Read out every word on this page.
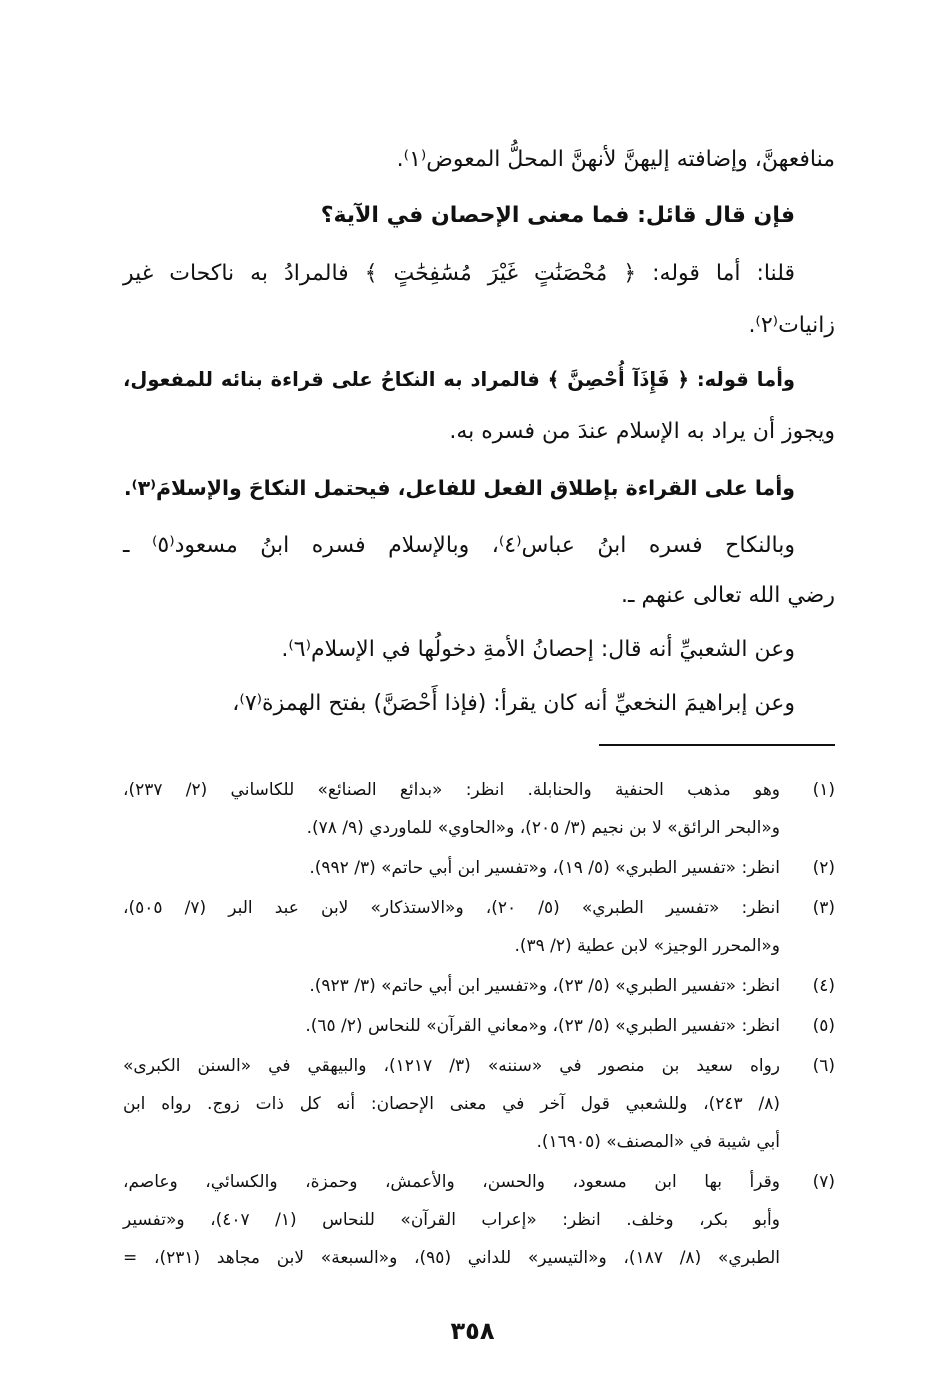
منافعهنَّ، وإضافته إليهنَّ لأنهنَّ المحلُّ المعوض⁽١⁾.
فإن قال قائل: فما معنى الإحصان في الآية؟
قلنا: أما قوله: ﴿ مُحْصَنَٰتٍ غَيْرَ مُسَٰفِحَٰتٍ ﴾ فالمرادُ به ناكحات غير
زانيات⁽٢⁾.
وأما قوله: ﴿ فَإِذَآ أُحْصِنَّ ﴾ فالمراد به النكاحُ على قراءة بنائه للمفعول،
ويجوز أن يراد به الإسلام عندَ من فسره به.
وأما على القراءة بإطلاق الفعل للفاعل، فيحتمل النكاحَ والإسلامَ⁽٣⁾.
وبالنكاح فسره ابنُ عباس⁽٤⁾، وبالإسلام فسره ابنُ مسعود⁽٥⁾ ـ
رضي الله تعالى عنهم ـ.
وعن الشعبيِّ أنه قال: إحصانُ الأمةِ دخولُها في الإسلام⁽٦⁾.
وعن إبراهيمَ النخعيِّ أنه كان يقرأ: (فإذا أَحْصَنَّ) بفتح الهمزة⁽٧⁾،
(١)
وهو مذهب الحنفية والحنابلة. انظر: «بدائع الصنائع» للكاساني (٢/ ٢٣٧)،
و«البحر الرائق» لا بن نجيم (٣/ ٢٠٥)، و«الحاوي» للماوردي (٩/ ٧٨).
(٢)
انظر: «تفسير الطبري» (٥/ ١٩)، و«تفسير ابن أبي حاتم» (٣/ ٩٩٢).
(٣)
انظر: «تفسير الطبري» (٥/ ٢٠)، و«الاستذكار» لابن عبد البر (٧/ ٥٠٥)،
و«المحرر الوجيز» لابن عطية (٢/ ٣٩).
(٤)
انظر: «تفسير الطبري» (٥/ ٢٣)، و«تفسير ابن أبي حاتم» (٣/ ٩٢٣).
(٥)
انظر: «تفسير الطبري» (٥/ ٢٣)، و«معاني القرآن» للنحاس (٢/ ٦٥).
(٦)
رواه سعيد بن منصور في «سننه» (٣/ ١٢١٧)، والبيهقي في «السنن الكبرى»
(٨/ ٢٤٣)، وللشعبي قول آخر في معنى الإحصان: أنه كل ذات زوج. رواه ابن
أبي شيبة في «المصنف» (١٦٩٠٥).
(٧)
وقرأ بها ابن مسعود، والحسن، والأعمش، وحمزة، والكسائي، وعاصم،
وأبو بكر، وخلف. انظر: «إعراب القرآن» للنحاس (١/ ٤٠٧)، و«تفسير
الطبري» (٨/ ١٨٧)، و«التيسير» للداني (٩٥)، و«السبعة» لابن مجاهد (٢٣١)، =
٣٥٨
